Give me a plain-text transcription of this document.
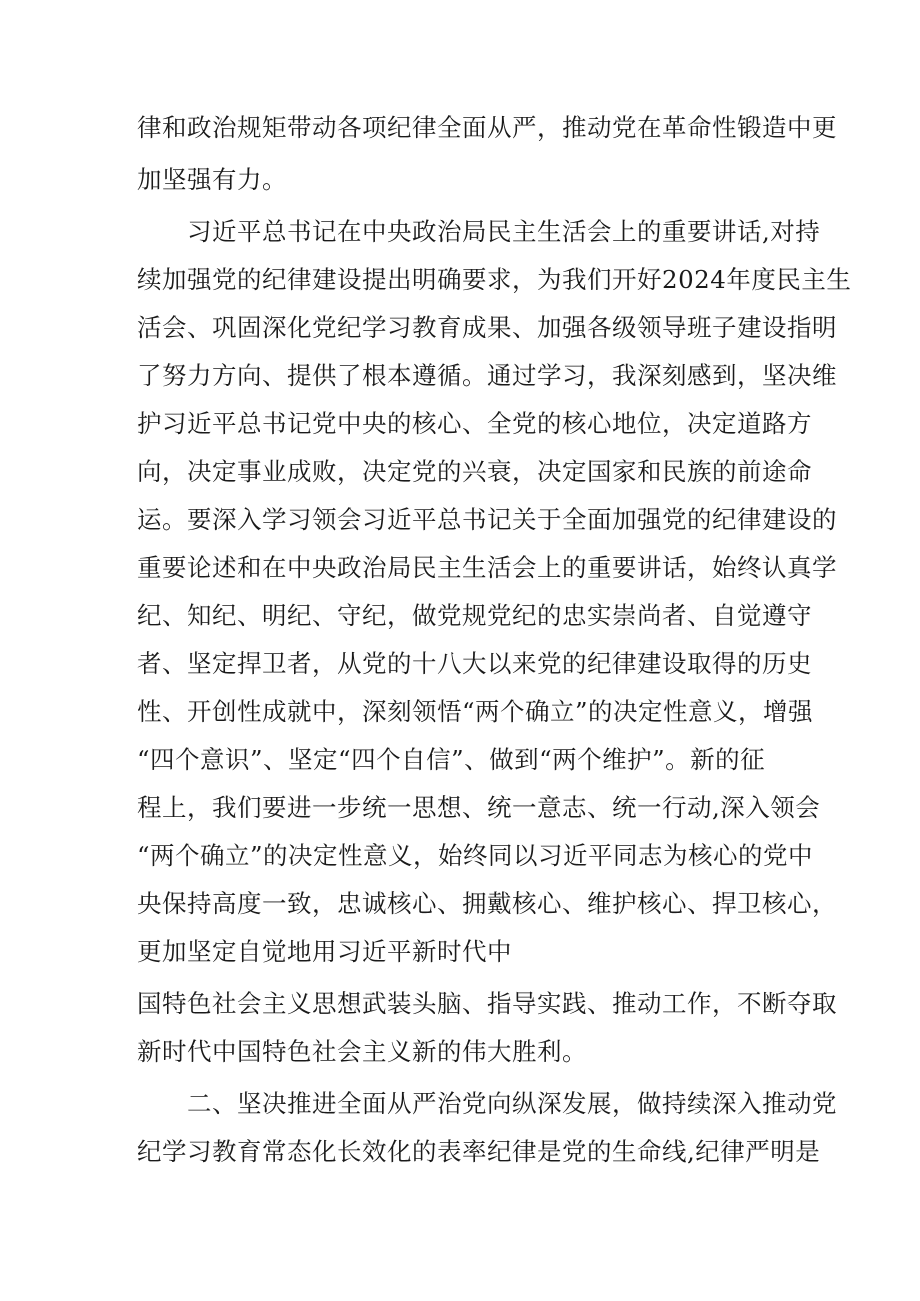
律和政治规矩带动各项纪律全面从严，推动党在革命性锻造中更
加坚强有力。
习近平总书记在中央政治局民主生活会上的重要讲话,对持
续加强党的纪律建设提出明确要求，为我们开好2024年度民主生
活会、巩固深化党纪学习教育成果、加强各级领导班子建设指明
了努力方向、提供了根本遵循。通过学习，我深刻感到，坚决维
护习近平总书记党中央的核心、全党的核心地位，决定道路方
向，决定事业成败，决定党的兴衰，决定国家和民族的前途命
运。要深入学习领会习近平总书记关于全面加强党的纪律建设的
重要论述和在中央政治局民主生活会上的重要讲话，始终认真学
纪、知纪、明纪、守纪，做党规党纪的忠实崇尚者、自觉遵守
者、坚定捍卫者，从党的十八大以来党的纪律建设取得的历史
性、开创性成就中，深刻领悟“两个确立”的决定性意义，增强
“四个意识”、坚定“四个自信”、做到“两个维护”。新的征
程上，我们要进一步统一思想、统一意志、统一行动,深入领会
“两个确立”的决定性意义，始终同以习近平同志为核心的党中
央保持高度一致，忠诚核心、拥戴核心、维护核心、捍卫核心，
更加坚定自觉地用习近平新时代中
国特色社会主义思想武装头脑、指导实践、推动工作，不断夺取
新时代中国特色社会主义新的伟大胜利。
二、坚决推进全面从严治党向纵深发展，做持续深入推动党
纪学习教育常态化长效化的表率纪律是党的生命线,纪律严明是
